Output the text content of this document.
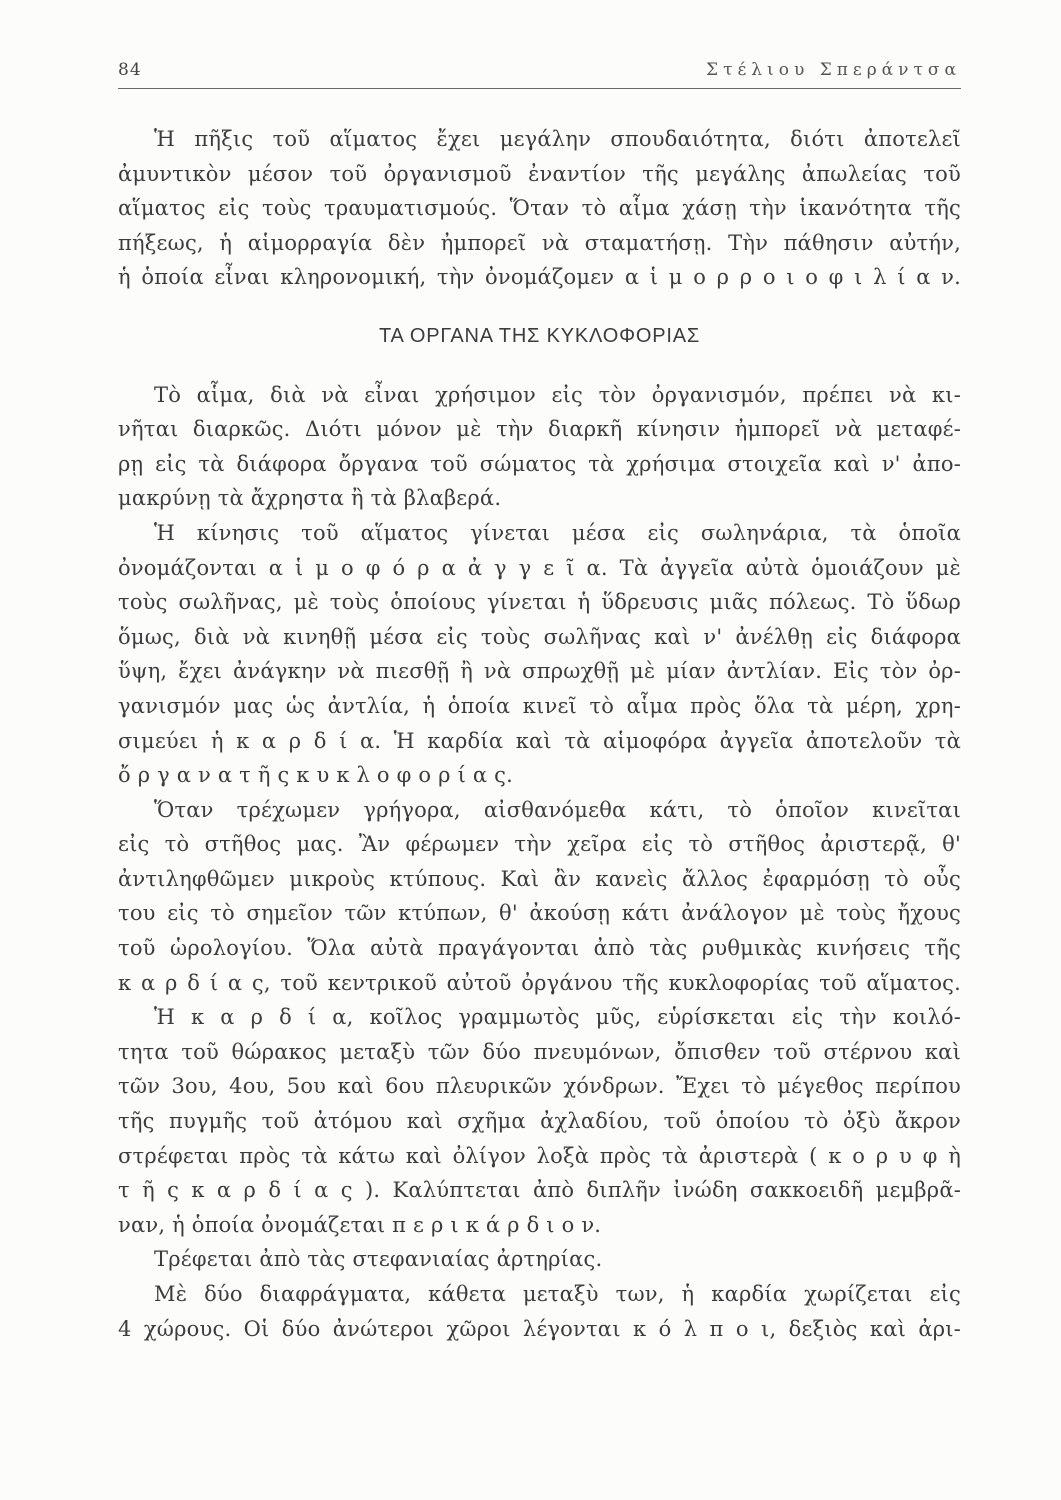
84	Στέλιου Σπεράντσα
Ἡ πῆξις τοῦ αἵματος ἔχει μεγάλην σπουδαιότητα, διότι ἀποτελεῖ
ἀμυντικὸν μέσον τοῦ ὀργανισμοῦ ἐναντίον τῆς μεγάλης ἀπωλείας τοῦ
αἵματος εἰς τοὺς τραυματισμούς. Ὅταν τὸ αἷμα χάσῃ τὴν ἱκανότητα τῆς
πήξεως, ἡ αἱμορραγία δὲν ἠμπορεῖ νὰ σταματήσῃ. Τὴν πάθησιν αὐτήν,
ἡ ὁποία εἶναι κληρονομική, τὴν ὀνομάζομεν α ἱ μ ο ρ ρ ο ι ο φ ι λ ί α ν.
ΤΑ ΟΡΓΑΝΑ ΤΗΣ ΚΥΚΛΟΦΟΡΙΑΣ
Τὸ αἷμα, διὰ νὰ εἶναι χρήσιμον εἰς τὸν ὀργανισμόν, πρέπει νὰ κι-
νῆται διαρκῶς. Διότι μόνον μὲ τὴν διαρκῆ κίνησιν ἠμπορεῖ νὰ μεταφέ-
ρῃ εἰς τὰ διάφορα ὄργανα τοῦ σώματος τὰ χρήσιμα στοιχεῖα καὶ ν' ἀπο-
μακρύνῃ τὰ ἄχρηστα ἢ τὰ βλαβερά.
Ἡ κίνησις τοῦ αἵματος γίνεται μέσα εἰς σωληνάρια, τὰ ὁποῖα
ὀνομάζονται α ἱ μ ο φ ό ρ α ἀ γ γ ε ῖ α. Τὰ ἀγγεῖα αὐτὰ ὁμοιάζουν μὲ
τοὺς σωλῆνας, μὲ τοὺς ὁποίους γίνεται ἡ ὕδρευσις μιᾶς πόλεως. Τὸ ὕδωρ
ὅμως, διὰ νὰ κινηθῇ μέσα εἰς τοὺς σωλῆνας καὶ ν' ἀνέλθῃ εἰς διάφορα
ὕψη, ἔχει ἀνάγκην νὰ πιεσθῇ ἢ νὰ σπρωχθῇ μὲ μίαν ἀντλίαν. Εἰς τὸν ὀρ-
γανισμόν μας ὡς ἀντλία, ἡ ὁποία κινεῖ τὸ αἷμα πρὸς ὅλα τὰ μέρη, χρη-
σιμεύει ἡ κ α ρ δ ί α. Ἡ καρδία καὶ τὰ αἱμοφόρα ἀγγεῖα ἀποτελοῦν τὰ
ὄ ρ γ α ν α τ ῆ ς κ υ κ λ ο φ ο ρ ί α ς.
Ὅταν τρέχωμεν γρήγορα, αἰσθανόμεθα κάτι, τὸ ὁποῖον κινεῖται
εἰς τὸ στῆθος μας. Ἂν φέρωμεν τὴν χεῖρα εἰς τὸ στῆθος ἀριστερᾷ, θ'
ἀντιληφθῶμεν μικροὺς κτύπους. Καὶ ἂν κανεὶς ἄλλος ἐφαρμόσῃ τὸ οὖς
του εἰς τὸ σημεῖον τῶν κτύπων, θ' ἀκούσῃ κάτι ἀνάλογον μὲ τοὺς ἤχους
τοῦ ὡρολογίου. Ὅλα αὐτὰ πραγάγονται ἀπὸ τὰς ρυθμικὰς κινήσεις τῆς
κ α ρ δ ί α ς, τοῦ κεντρικοῦ αὐτοῦ ὀργάνου τῆς κυκλοφορίας τοῦ αἵματος.
Ἡ κ α ρ δ ί α, κοῖλος γραμμωτὸς μῦς, εὑρίσκεται εἰς τὴν κοιλό-
τητα τοῦ θώρακος μεταξὺ τῶν δύο πνευμόνων, ὄπισθεν τοῦ στέρνου καὶ
τῶν 3ου, 4ου, 5ου καὶ 6ου πλευρικῶν χόνδρων. Ἔχει τὸ μέγεθος περίπου
τῆς πυγμῆς τοῦ ἀτόμου καὶ σχῆμα ἀχλαδίου, τοῦ ὁποίου τὸ ὀξὺ ἄκρον
στρέφεται πρὸς τὰ κάτω καὶ ὀλίγον λοξὰ πρὸς τὰ ἀριστερὰ ( κ ο ρ υ φ ὴ
τ ῆ ς κ α ρ δ ί α ς ). Καλύπτεται ἀπὸ διπλῆν ἰνώδη σακκοειδῆ μεμβρᾶ-
ναν, ἡ ὁποία ὀνομάζεται π ε ρ ι κ ά ρ δ ι ο ν.
Τρέφεται ἀπὸ τὰς στεφανιαίας ἀρτηρίας.
Μὲ δύο διαφράγματα, κάθετα μεταξὺ των, ἡ καρδία χωρίζεται εἰς
4 χώρους. Οἱ δύο ἀνώτεροι χῶροι λέγονται κ ό λ π ο ι, δεξιὸς καὶ ἀρι-
